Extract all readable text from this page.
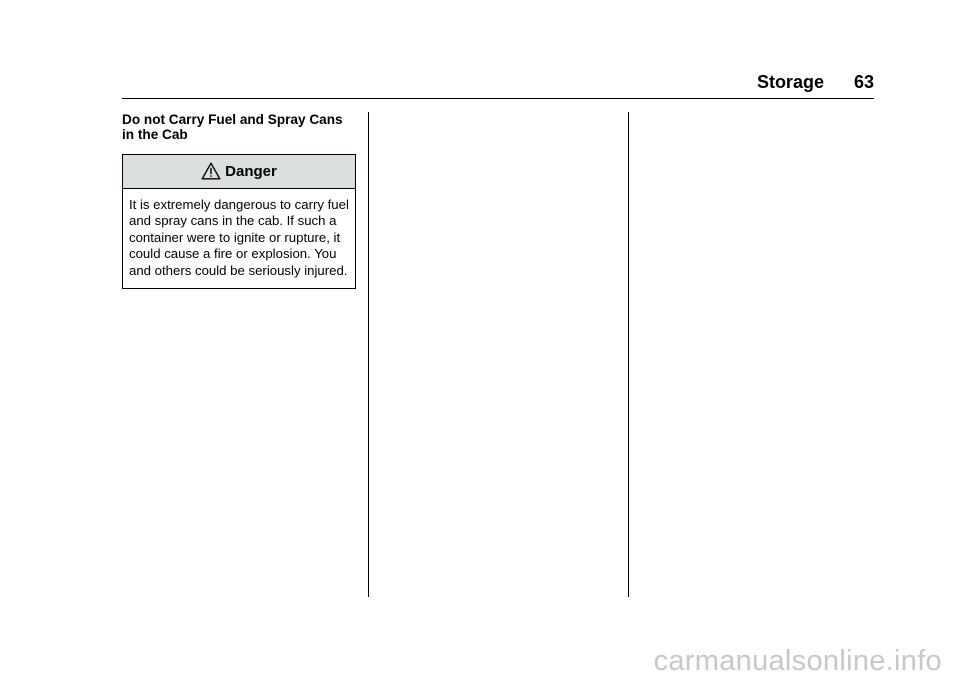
Storage 63
Do not Carry Fuel and Spray Cans in the Cab
Danger
It is extremely dangerous to carry fuel and spray cans in the cab. If such a container were to ignite or rupture, it could cause a fire or explosion. You and others could be seriously injured.
carmanualsonline.info
